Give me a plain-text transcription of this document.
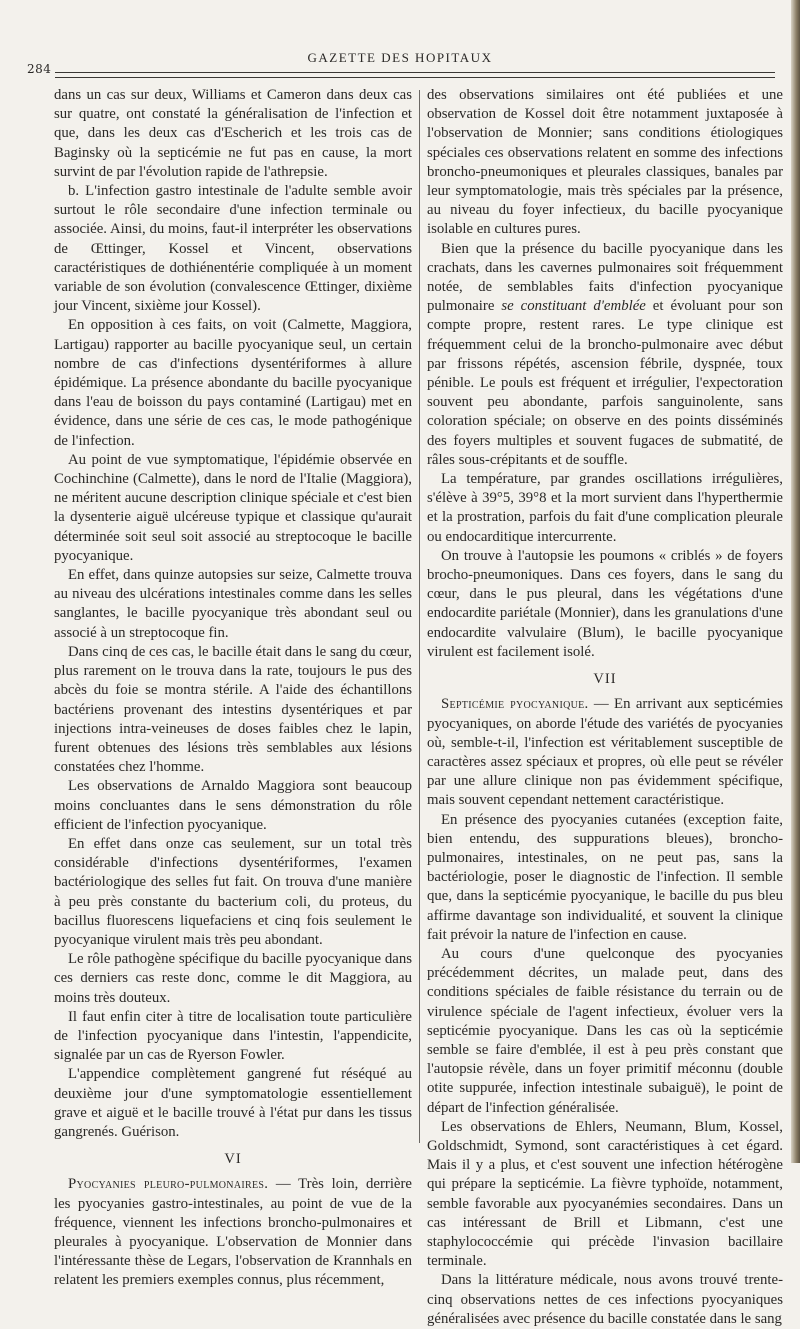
284
GAZETTE DES HOPITAUX

dans un cas sur deux, Williams et Cameron dans deux cas sur quatre, ont constaté la généralisation de l'infection et que, dans les deux cas d'Escherich et les trois cas de Baginsky où la septicémie ne fut pas en cause, la mort survint de par l'évolution rapide de l'athrepsie.

b. L'infection gastro intestinale de l'adulte semble avoir surtout le rôle secondaire d'une infection terminale ou associée. Ainsi, du moins, faut-il interpréter les observations de Œttinger, Kossel et Vincent, observations caractéristiques de dothiénentérie compliquée à un moment variable de son évolution (convalescence Œttinger, dixième jour Vincent, sixième jour Kossel).

En opposition à ces faits, on voit (Calmette, Maggiora, Lartigau) rapporter au bacille pyocyanique seul, un certain nombre de cas d'infections dysentériformes à allure épidémique. La présence abondante du bacille pyocyanique dans l'eau de boisson du pays contaminé (Lartigau) met en évidence, dans une série de ces cas, le mode pathogénique de l'infection.

Au point de vue symptomatique, l'épidémie observée en Cochinchine (Calmette), dans le nord de l'Italie (Maggiora), ne méritent aucune description clinique spéciale et c'est bien la dysenterie aiguë ulcéreuse typique et classique qu'aurait déterminée soit seul soit associé au streptocoque le bacille pyocyanique.

En effet, dans quinze autopsies sur seize, Calmette trouva au niveau des ulcérations intestinales comme dans les selles sanglantes, le bacille pyocyanique très abondant seul ou associé à un streptocoque fin.

Dans cinq de ces cas, le bacille était dans le sang du cœur, plus rarement on le trouva dans la rate, toujours le pus des abcès du foie se montra stérile. A l'aide des échantillons bactériens provenant des intestins dysentériques et par injections intra-veineuses de doses faibles chez le lapin, furent obtenues des lésions très semblables aux lésions constatées chez l'homme.

Les observations de Arnaldo Maggiora sont beaucoup moins concluantes dans le sens démonstration du rôle efficient de l'infection pyocyanique.

En effet dans onze cas seulement, sur un total très considérable d'infections dysentériformes, l'examen bactériologique des selles fut fait. On trouva d'une manière à peu près constante du bacterium coli, du proteus, du bacillus fluorescens liquefaciens et cinq fois seulement le pyocyanique virulent mais très peu abondant.

Le rôle pathogène spécifique du bacille pyocyanique dans ces derniers cas reste donc, comme le dit Maggiora, au moins très douteux.

Il faut enfin citer à titre de localisation toute particulière de l'infection pyocyanique dans l'intestin, l'appendicite, signalée par un cas de Ryerson Fowler.

L'appendice complètement gangrené fut réséqué au deuxième jour d'une symptomatologie essentiellement grave et aiguë et le bacille trouvé à l'état pur dans les tissus gangrenés. Guérison.

VI

Pyocyanies pleuro-pulmonaires. — Très loin, derrière les pyocyanies gastro-intestinales, au point de vue de la fréquence, viennent les infections broncho-pulmonaires et pleurales à pyocyanique. L'observation de Monnier dans l'intéressante thèse de Legars, l'observation de Krannhals en relatent les premiers exemples connus, plus récemment,

des observations similaires ont été publiées et une observation de Kossel doit être notamment juxtaposée à l'observation de Monnier; sans conditions étiologiques spéciales ces observations relatent en somme des infections broncho-pneumoniques et pleurales classiques, banales par leur symptomatologie, mais très spéciales par la présence, au niveau du foyer infectieux, du bacille pyocyanique isolable en cultures pures.

Bien que la présence du bacille pyocyanique dans les crachats, dans les cavernes pulmonaires soit fréquemment notée, de semblables faits d'infection pyocyanique pulmonaire se constituant d'emblée et évoluant pour son compte propre, restent rares. Le type clinique est fréquemment celui de la broncho-pulmonaire avec début par frissons répétés, ascension fébrile, dyspnée, toux pénible. Le pouls est fréquent et irrégulier, l'expectoration souvent peu abondante, parfois sanguinolente, sans coloration spéciale; on observe en des points disséminés des foyers multiples et souvent fugaces de submatité, de râles sous-crépitants et de souffle.

La température, par grandes oscillations irrégulières, s'élève à 39°5, 39°8 et la mort survient dans l'hyperthermie et la prostration, parfois du fait d'une complication pleurale ou endocarditique intercurrente.

On trouve à l'autopsie les poumons « criblés » de foyers brocho-pneumoniques. Dans ces foyers, dans le sang du cœur, dans le pus pleural, dans les végétations d'une endocardite pariétale (Monnier), dans les granulations d'une endocardite valvulaire (Blum), le bacille pyocyanique virulent est facilement isolé.

VII

Septicémie pyocyanique. — En arrivant aux septicémies pyocyaniques, on aborde l'étude des variétés de pyocyanies où, semble-t-il, l'infection est véritablement susceptible de caractères assez spéciaux et propres, où elle peut se révéler par une allure clinique non pas évidemment spécifique, mais souvent cependant nettement caractéristique.

En présence des pyocyanies cutanées (exception faite, bien entendu, des suppurations bleues), broncho-pulmonaires, intestinales, on ne peut pas, sans la bactériologie, poser le diagnostic de l'infection. Il semble que, dans la septicémie pyocyanique, le bacille du pus bleu affirme davantage son individualité, et souvent la clinique fait prévoir la nature de l'infection en cause.

Au cours d'une quelconque des pyocyanies précédemment décrites, un malade peut, dans des conditions spéciales de faible résistance du terrain ou de virulence spéciale de l'agent infectieux, évoluer vers la septicémie pyocyanique. Dans les cas où la septicémie semble se faire d'emblée, il est à peu près constant que l'autopsie révèle, dans un foyer primitif méconnu (double otite suppurée, infection intestinale subaiguë), le point de départ de l'infection généralisée.

Les observations de Ehlers, Neumann, Blum, Kossel, Goldschmidt, Symond, sont caractéristiques à cet égard. Mais il y a plus, et c'est souvent une infection hétérogène qui prépare la septicémie. La fièvre typhoïde, notamment, semble favorable aux pyocyanémies secondaires. Dans un cas intéressant de Brill et Libmann, c'est une staphylococcémie qui précède l'invasion bacillaire terminale.

Dans la littérature médicale, nous avons trouvé trente-cinq observations nettes de ces infections pyocyaniques généralisées avec présence du bacille constatée dans le sang
